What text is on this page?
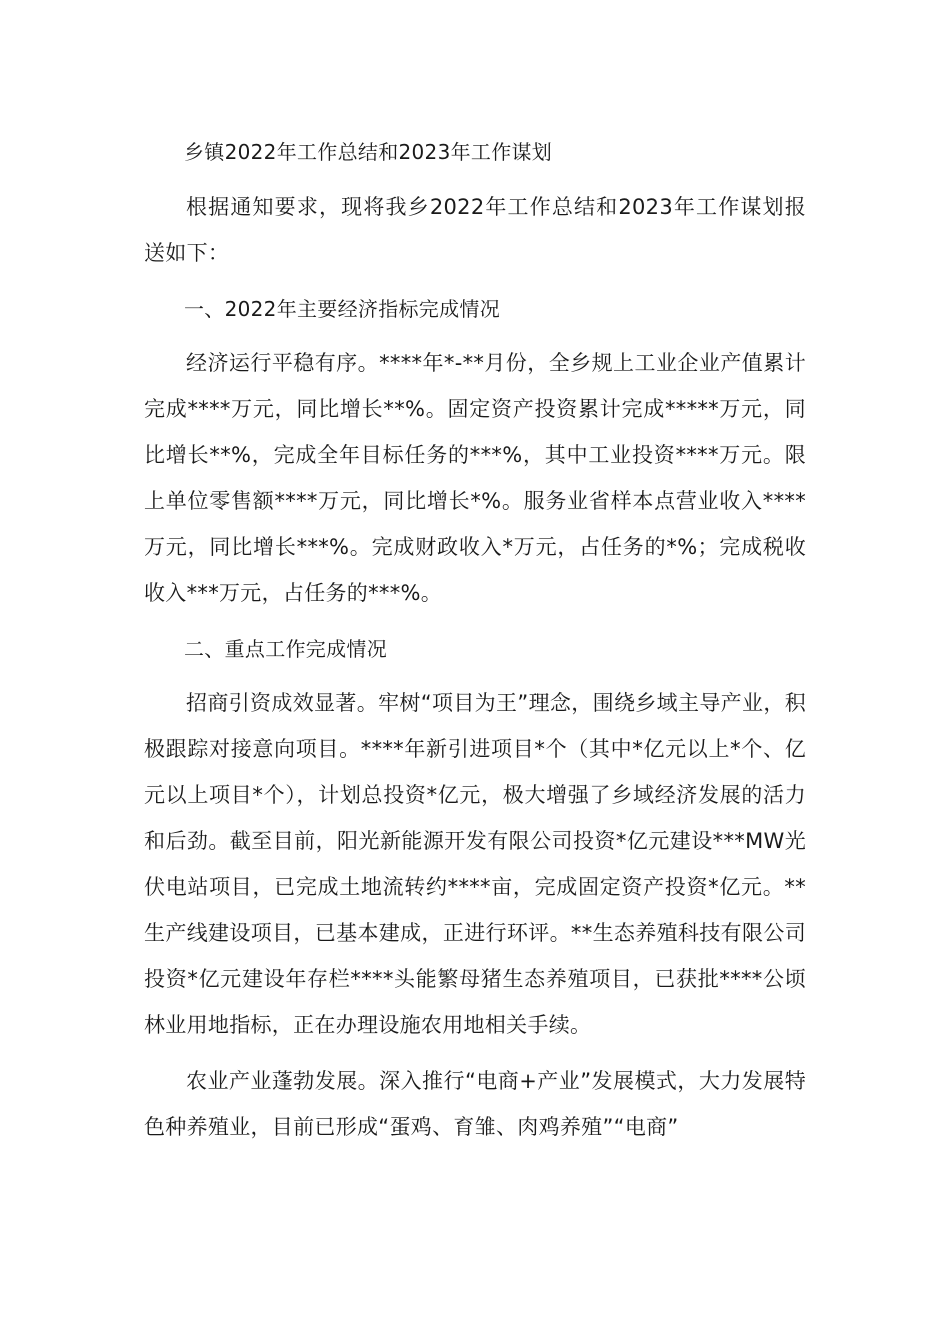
乡镇2022年工作总结和2023年工作谋划
根据通知要求，现将我乡2022年工作总结和2023年工作谋划报送如下：
一、2022年主要经济指标完成情况
经济运行平稳有序。****年*-**月份，全乡规上工业企业产值累计完成****万元，同比增长**%。固定资产投资累计完成*****万元，同比增长**%，完成全年目标任务的***%，其中工业投资****万元。限上单位零售额****万元，同比增长*%。服务业省样本点营业收入****万元，同比增长***%。完成财政收入*万元，占任务的*%；完成税收收入***万元，占任务的***%。
二、重点工作完成情况
招商引资成效显著。牢树“项目为王”理念，围绕乡域主导产业，积极跟踪对接意向项目。****年新引进项目*个（其中*亿元以上*个、亿元以上项目*个），计划总投资*亿元，极大增强了乡域经济发展的活力和后劲。截至目前，阳光新能源开发有限公司投资*亿元建设***MW光伏电站项目，已完成土地流转约****亩，完成固定资产投资*亿元。**生产线建设项目，已基本建成，正进行环评。**生态养殖科技有限公司投资*亿元建设年存栏****头能繁母猪生态养殖项目，已获批****公顷林业用地指标，正在办理设施农用地相关手续。
农业产业蓬勃发展。深入推行“电商+产业”发展模式，大力发展特色种养殖业，目前已形成“蛋鸡、育雏、肉鸡养殖”“电商”
